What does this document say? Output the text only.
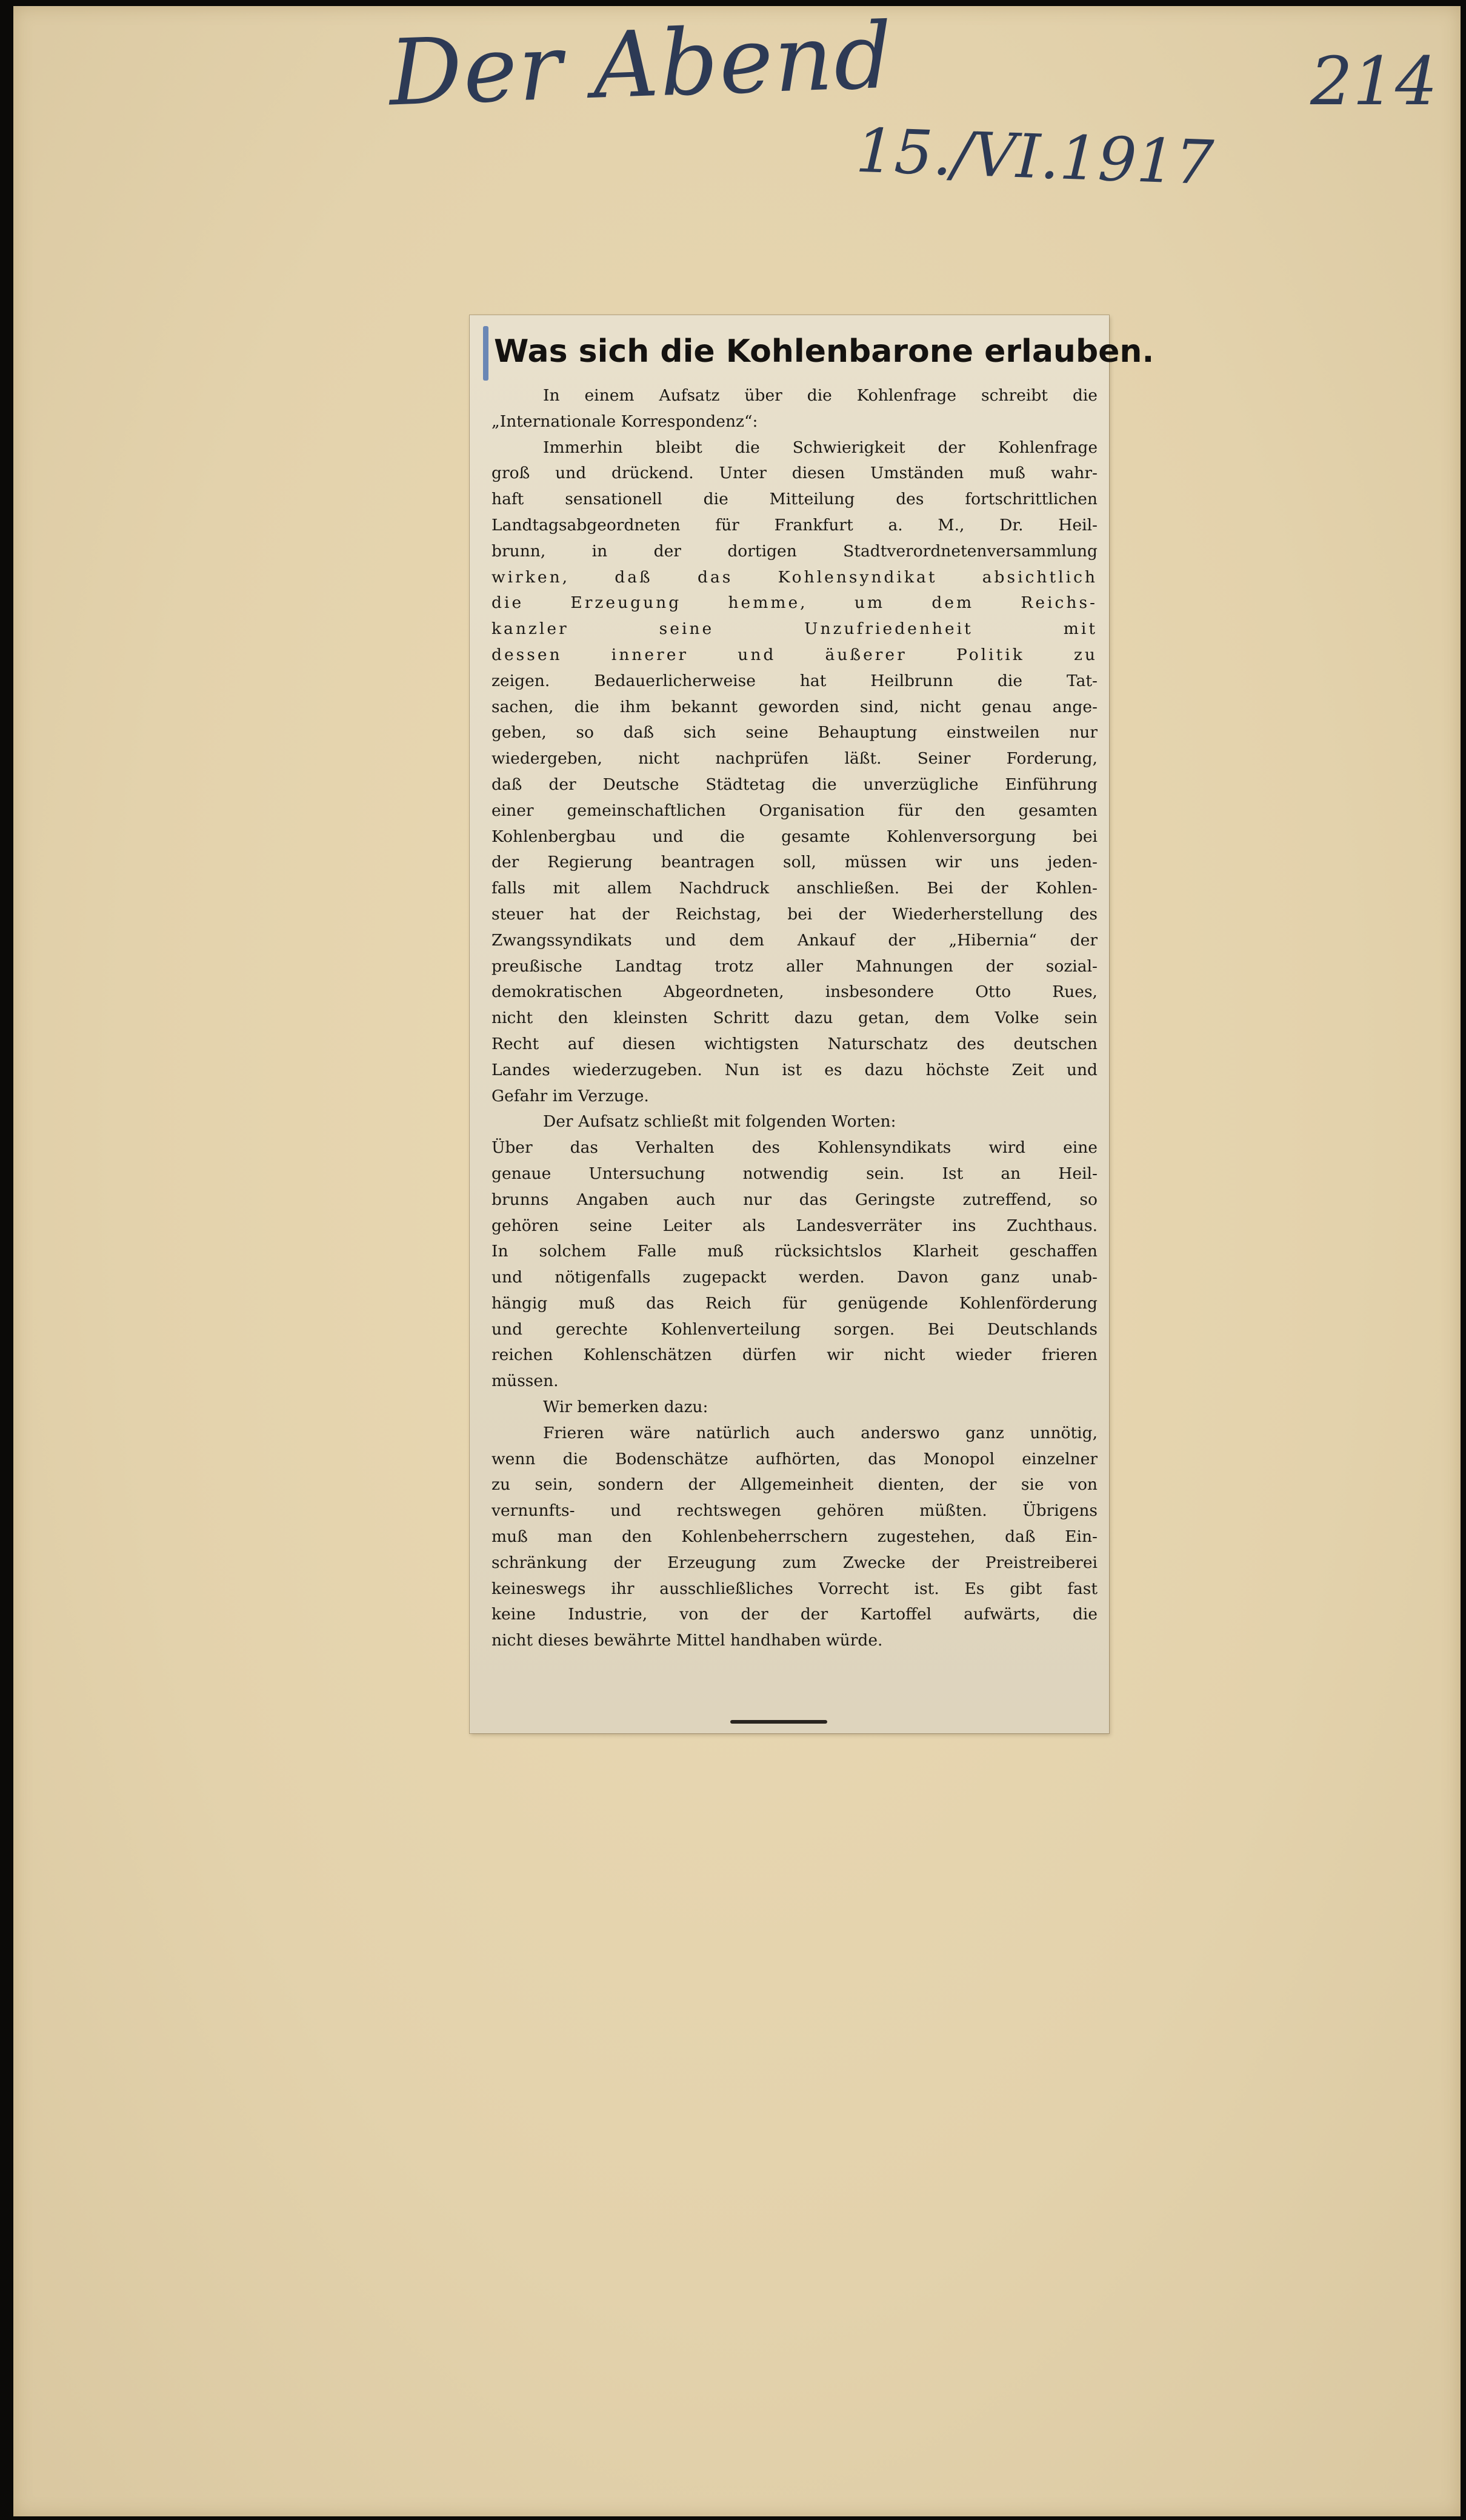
Der Abend
15./VI.1917
214
Was sich die Kohlenbarone erlauben.
In einem Aufsatz über die Kohlenfrage schreibt die
„Internationale Korrespondenz“:
Immerhin bleibt die Schwierigkeit der Kohlenfrage
groß und drückend. Unter diesen Umständen muß wahr-
haft sensationell die Mitteilung des fortschrittlichen
Landtagsabgeordneten für Frankfurt a. M., Dr. Heil-
brunn, in der dortigen Stadtverordnetenversammlung
wirken, daß das Kohlensyndikat absichtlich
die Erzeugung hemme, um dem Reichs-
kanzler seine Unzufriedenheit mit
dessen innerer und äußerer Politik zu
zeigen. Bedauerlicherweise hat Heilbrunn die Tat-
sachen, die ihm bekannt geworden sind, nicht genau ange-
geben, so daß sich seine Behauptung einstweilen nur
wiedergeben, nicht nachprüfen läßt. Seiner Forderung,
daß der Deutsche Städtetag die unverzügliche Einführung
einer gemeinschaftlichen Organisation für den gesamten
Kohlenbergbau und die gesamte Kohlenversorgung bei
der Regierung beantragen soll, müssen wir uns jeden-
falls mit allem Nachdruck anschließen. Bei der Kohlen-
steuer hat der Reichstag, bei der Wiederherstellung des
Zwangssyndikats und dem Ankauf der „Hibernia“ der
preußische Landtag trotz aller Mahnungen der sozial-
demokratischen Abgeordneten, insbesondere Otto Rues,
nicht den kleinsten Schritt dazu getan, dem Volke sein
Recht auf diesen wichtigsten Naturschatz des deutschen
Landes wiederzugeben. Nun ist es dazu höchste Zeit und
Gefahr im Verzuge.
Der Aufsatz schließt mit folgenden Worten:
Über das Verhalten des Kohlensyndikats wird eine
genaue Untersuchung notwendig sein. Ist an Heil-
brunns Angaben auch nur das Geringste zutreffend, so
gehören seine Leiter als Landesverräter ins Zuchthaus.
In solchem Falle muß rücksichtslos Klarheit geschaffen
und nötigenfalls zugepackt werden. Davon ganz unab-
hängig muß das Reich für genügende Kohlenförderung
und gerechte Kohlenverteilung sorgen. Bei Deutschlands
reichen Kohlenschätzen dürfen wir nicht wieder frieren
müssen.
Wir bemerken dazu:
Frieren wäre natürlich auch anderswo ganz unnötig,
wenn die Bodenschätze aufhörten, das Monopol einzelner
zu sein, sondern der Allgemeinheit dienten, der sie von
vernunfts- und rechtswegen gehören müßten. Übrigens
muß man den Kohlenbeherrschern zugestehen, daß Ein-
schränkung der Erzeugung zum Zwecke der Preistreiberei
keineswegs ihr ausschließliches Vorrecht ist. Es gibt fast
keine Industrie, von der der Kartoffel aufwärts, die
nicht dieses bewährte Mittel handhaben würde.
